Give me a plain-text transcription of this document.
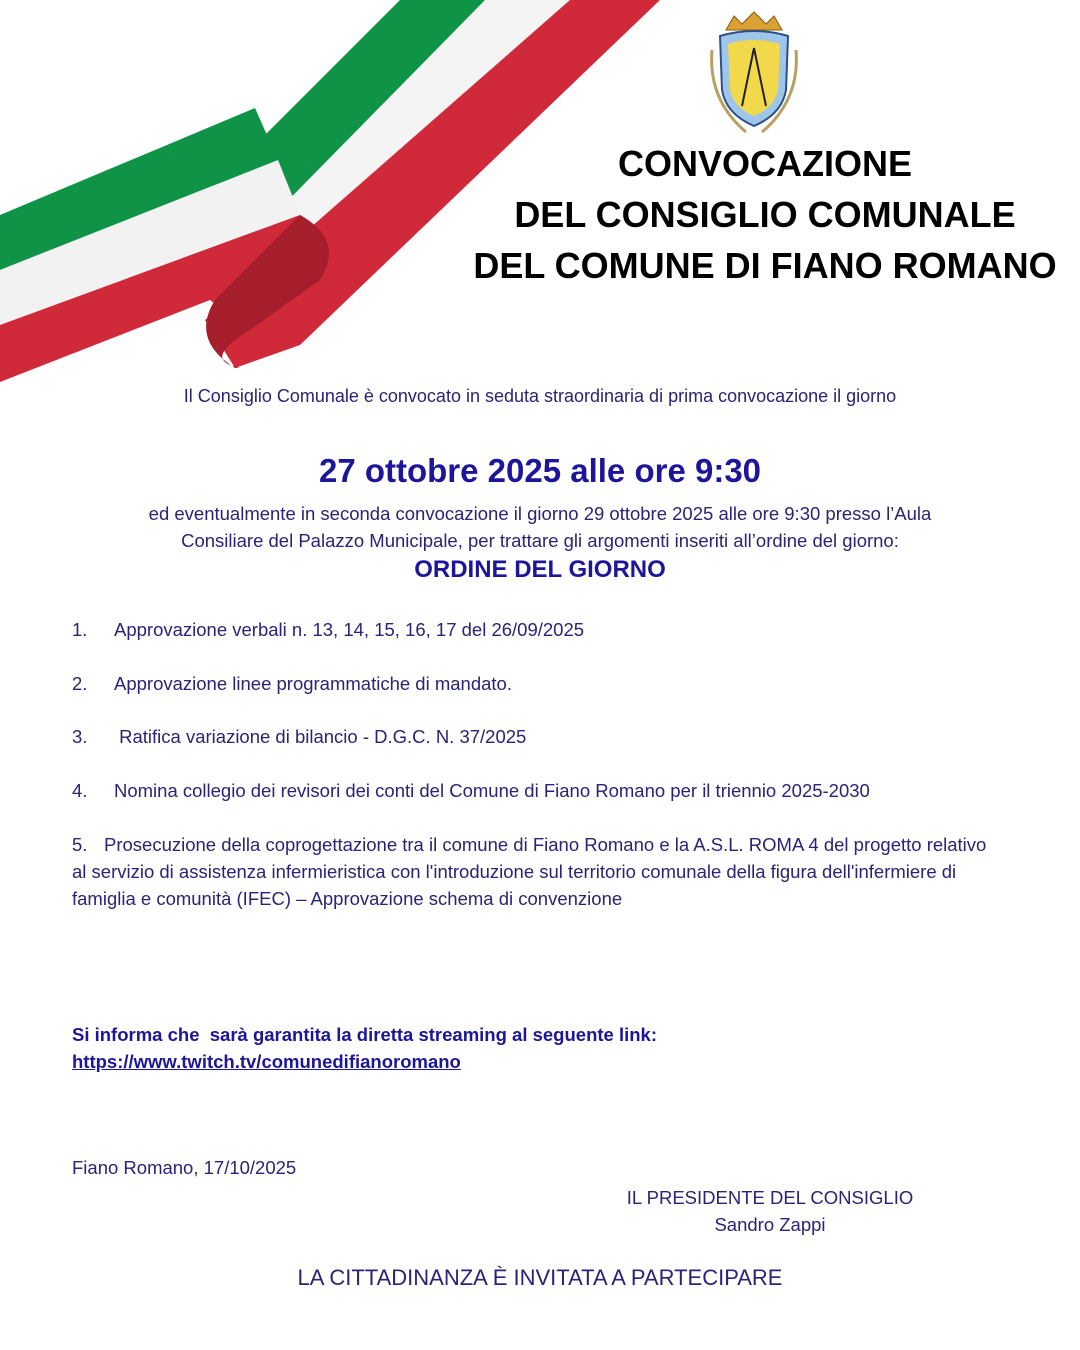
CONVOCAZIONE
DEL CONSIGLIO COMUNALE
DEL COMUNE DI FIANO ROMANO
Il Consiglio Comunale è convocato in seduta straordinaria di prima convocazione il giorno
27 ottobre 2025 alle ore 9:30
ed eventualmente in seconda convocazione il giorno 29 ottobre 2025 alle ore 9:30 presso l’Aula
Consiliare del Palazzo Municipale, per trattare gli argomenti inseriti all’ordine del giorno:
ORDINE DEL GIORNO
1. Approvazione verbali n. 13, 14, 15, 16, 17 del 26/09/2025
2. Approvazione linee programmatiche di mandato.
3. Ratifica variazione di bilancio - D.G.C. N. 37/2025
4. Nomina collegio dei revisori dei conti del Comune di Fiano Romano per il triennio 2025-2030
5. Prosecuzione della coprogettazione tra il comune di Fiano Romano e la A.S.L. ROMA 4 del progetto relativo al servizio di assistenza infermieristica con l'introduzione sul territorio comunale della figura dell'infermiere di famiglia e comunità (IFEC) – Approvazione schema di convenzione
Si informa che  sarà garantita la diretta streaming al seguente link:
https://www.twitch.tv/comunedifianoromano
Fiano Romano, 17/10/2025
IL PRESIDENTE DEL CONSIGLIO
Sandro Zappi
LA CITTADINANZA È INVITATA A PARTECIPARE
